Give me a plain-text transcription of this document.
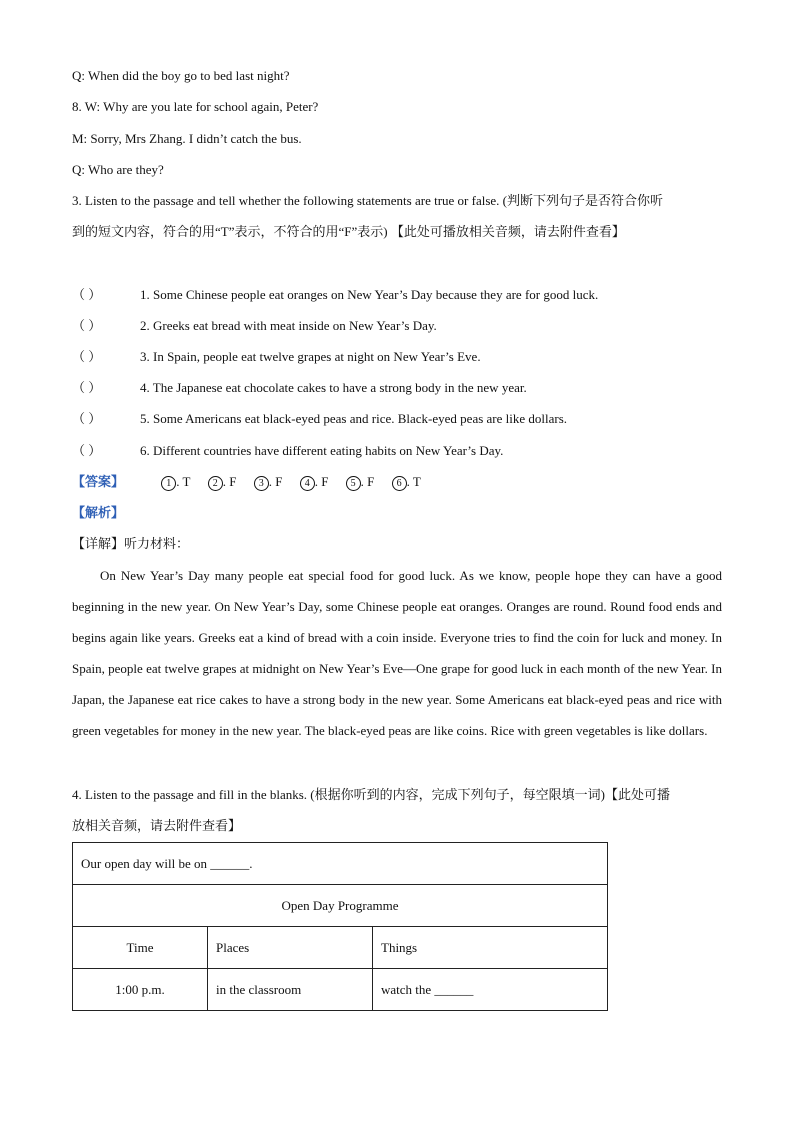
Q: When did the boy go to bed last night?
8. W: Why are you late for school again, Peter?
M: Sorry, Mrs Zhang. I didn’t catch the bus.
Q: Who are they?
3. Listen to the passage and tell whether the following statements are true or false. (判断下列句子是否符合你听
到的短文内容，符合的用“T”表示，不符合的用“F”表示) 【此处可播放相关音频，请去附件查看】
（ ）	1. Some Chinese people eat oranges on New Year’s Day because they are for good luck.
（ ）	2. Greeks eat bread with meat inside on New Year’s Day.
（ ）	3. In Spain, people eat twelve grapes at night on New Year’s Eve.
（ ）	4. The Japanese eat chocolate cakes to have a strong body in the new year.
（ ）	5. Some Americans eat black-eyed peas and rice. Black-eyed peas are like dollars.
（ ）	6. Different countries have different eating habits on New Year’s Day.
【答案】	1 . T 2 . F 3 . F 4 . F 5 . F 6 . T
【解析】
【详解】听力材料：
On New Year’s Day many people eat special food for good luck. As we know, people hope they can have a good beginning in the new year. On New Year’s Day, some Chinese people eat oranges. Oranges are round. Round food ends and begins again like years. Greeks eat a kind of bread with a coin inside. Everyone tries to find the coin for luck and money. In Spain, people eat twelve grapes at midnight on New Year’s Eve—One grape for good luck in each month of the new Year. In Japan, the Japanese eat rice cakes to have a strong body in the new year. Some Americans eat black-eyed peas and rice with green vegetables for money in the new year. The black-eyed peas are like coins. Rice with green vegetables is like dollars.
4. Listen to the passage and fill in the blanks. (根据你听到的内容，完成下列句子，每空限填一词)【此处可播
放相关音频，请去附件查看】
Our open day will be on ______.		
Open Day Programme		
Time	Places	Things
1:00 p.m.	in the classroom	watch the ______
